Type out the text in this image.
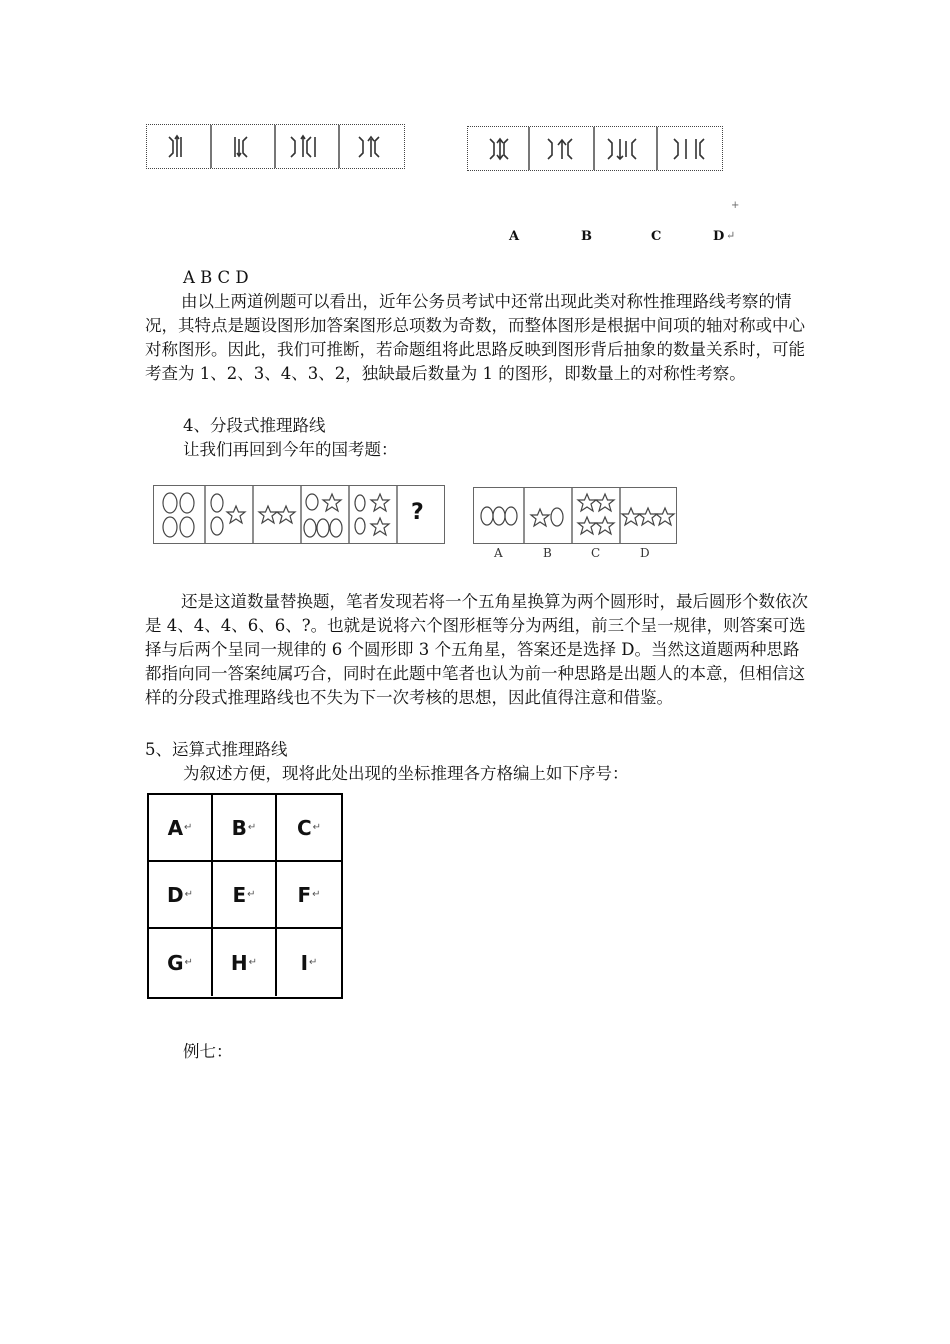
+
A	B	C	D ↵
A B C D
由以上两道例题可以看出，近年公务员考试中还常出现此类对称性推理路线考察的情况，其特点是题设图形加答案图形总项数为奇数，而整体图形是根据中间项的轴对称或中心对称图形。因此，我们可推断，若命题组将此思路反映到图形背后抽象的数量关系时，可能考查为 1、2、3、4、3、2，独缺最后数量为 1 的图形，即数量上的对称性考察。
4、分段式推理路线
让我们再回到今年的国考题：
?
A	B	C	D
还是这道数量替换题，笔者发现若将一个五角星换算为两个圆形时，最后圆形个数依次是 4、4、4、6、6、?。也就是说将六个图形框等分为两组，前三个呈一规律，则答案可选择与后两个呈同一规律的 6 个圆形即 3 个五角星，答案还是选择 D。当然这道题两种思路都指向同一答案纯属巧合，同时在此题中笔者也认为前一种思路是出题人的本意，但相信这样的分段式推理路线也不失为下一次考核的思想，因此值得注意和借鉴。
5、运算式推理路线
为叙述方便，现将此处出现的坐标推理各方格编上如下序号：
A ↵ B ↵ C ↵
D ↵ E ↵ F ↵
G ↵ H ↵ I ↵
例七：
